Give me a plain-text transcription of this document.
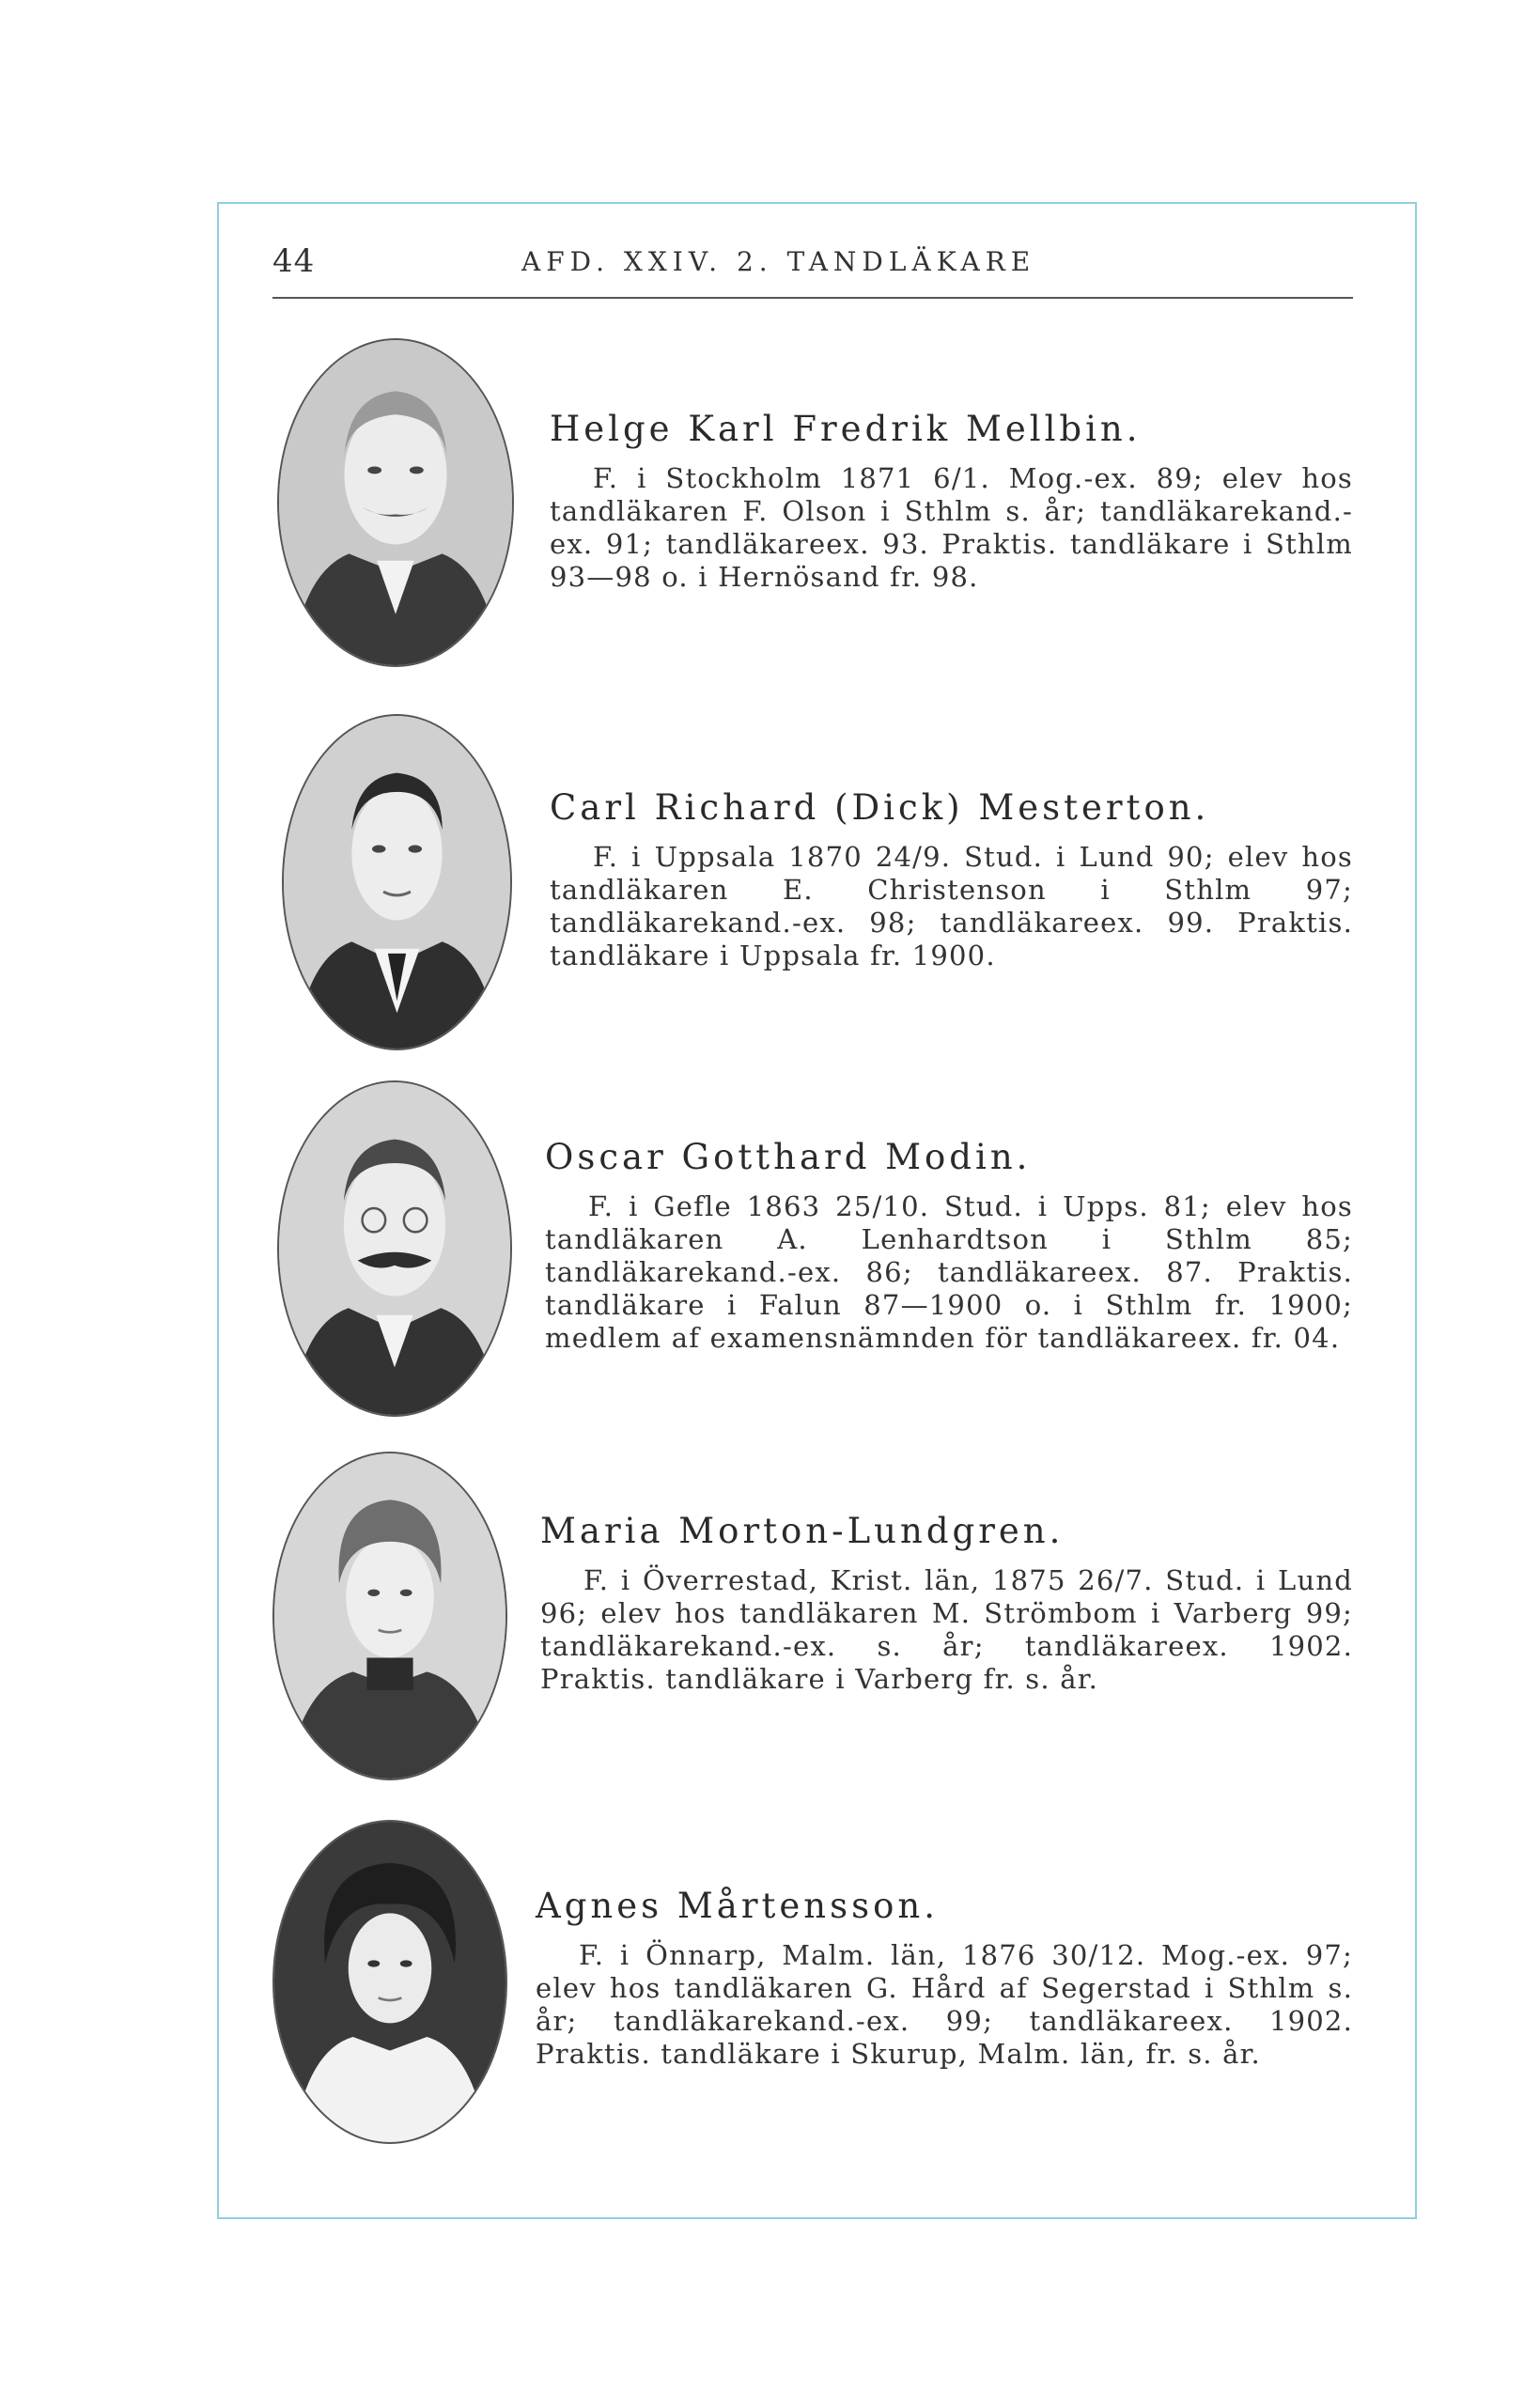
44	AFD. XXIV. 2. TANDLÄKARE

Helge Karl Fredrik Mellbin.

F. i Stockholm 1871 6/1. Mog.-ex. 89; elev hos tandläkaren F. Olson i Sthlm s. år; tandläkarekand.-ex. 91; tandläkareex. 93. Praktis. tandläkare i Sthlm 93—98 o. i Hernösand fr. 98.

Carl Richard (Dick) Mesterton.

F. i Uppsala 1870 24/9. Stud. i Lund 90; elev hos tandläkaren E. Christenson i Sthlm 97; tandläkarekand.-ex. 98; tandläkareex. 99. Praktis. tandläkare i Uppsala fr. 1900.

Oscar Gotthard Modin.

F. i Gefle 1863 25/10. Stud. i Upps. 81; elev hos tandläkaren A. Lenhardtson i Sthlm 85; tandläkarekand.-ex. 86; tandläkareex. 87. Praktis. tandläkare i Falun 87—1900 o. i Sthlm fr. 1900; medlem af examensnämnden för tandläkareex. fr. 04.

Maria Morton-Lundgren.

F. i Överrestad, Krist. län, 1875 26/7. Stud. i Lund 96; elev hos tandläkaren M. Strömbom i Varberg 99; tandläkarekand.-ex. s. år; tandläkareex. 1902. Praktis. tandläkare i Varberg fr. s. år.

Agnes Mårtensson.

F. i Önnarp, Malm. län, 1876 30/12. Mog.-ex. 97; elev hos tandläkaren G. Hård af Segerstad i Sthlm s. år; tandläkarekand.-ex. 99; tandläkareex. 1902. Praktis. tandläkare i Skurup, Malm. län, fr. s. år.
